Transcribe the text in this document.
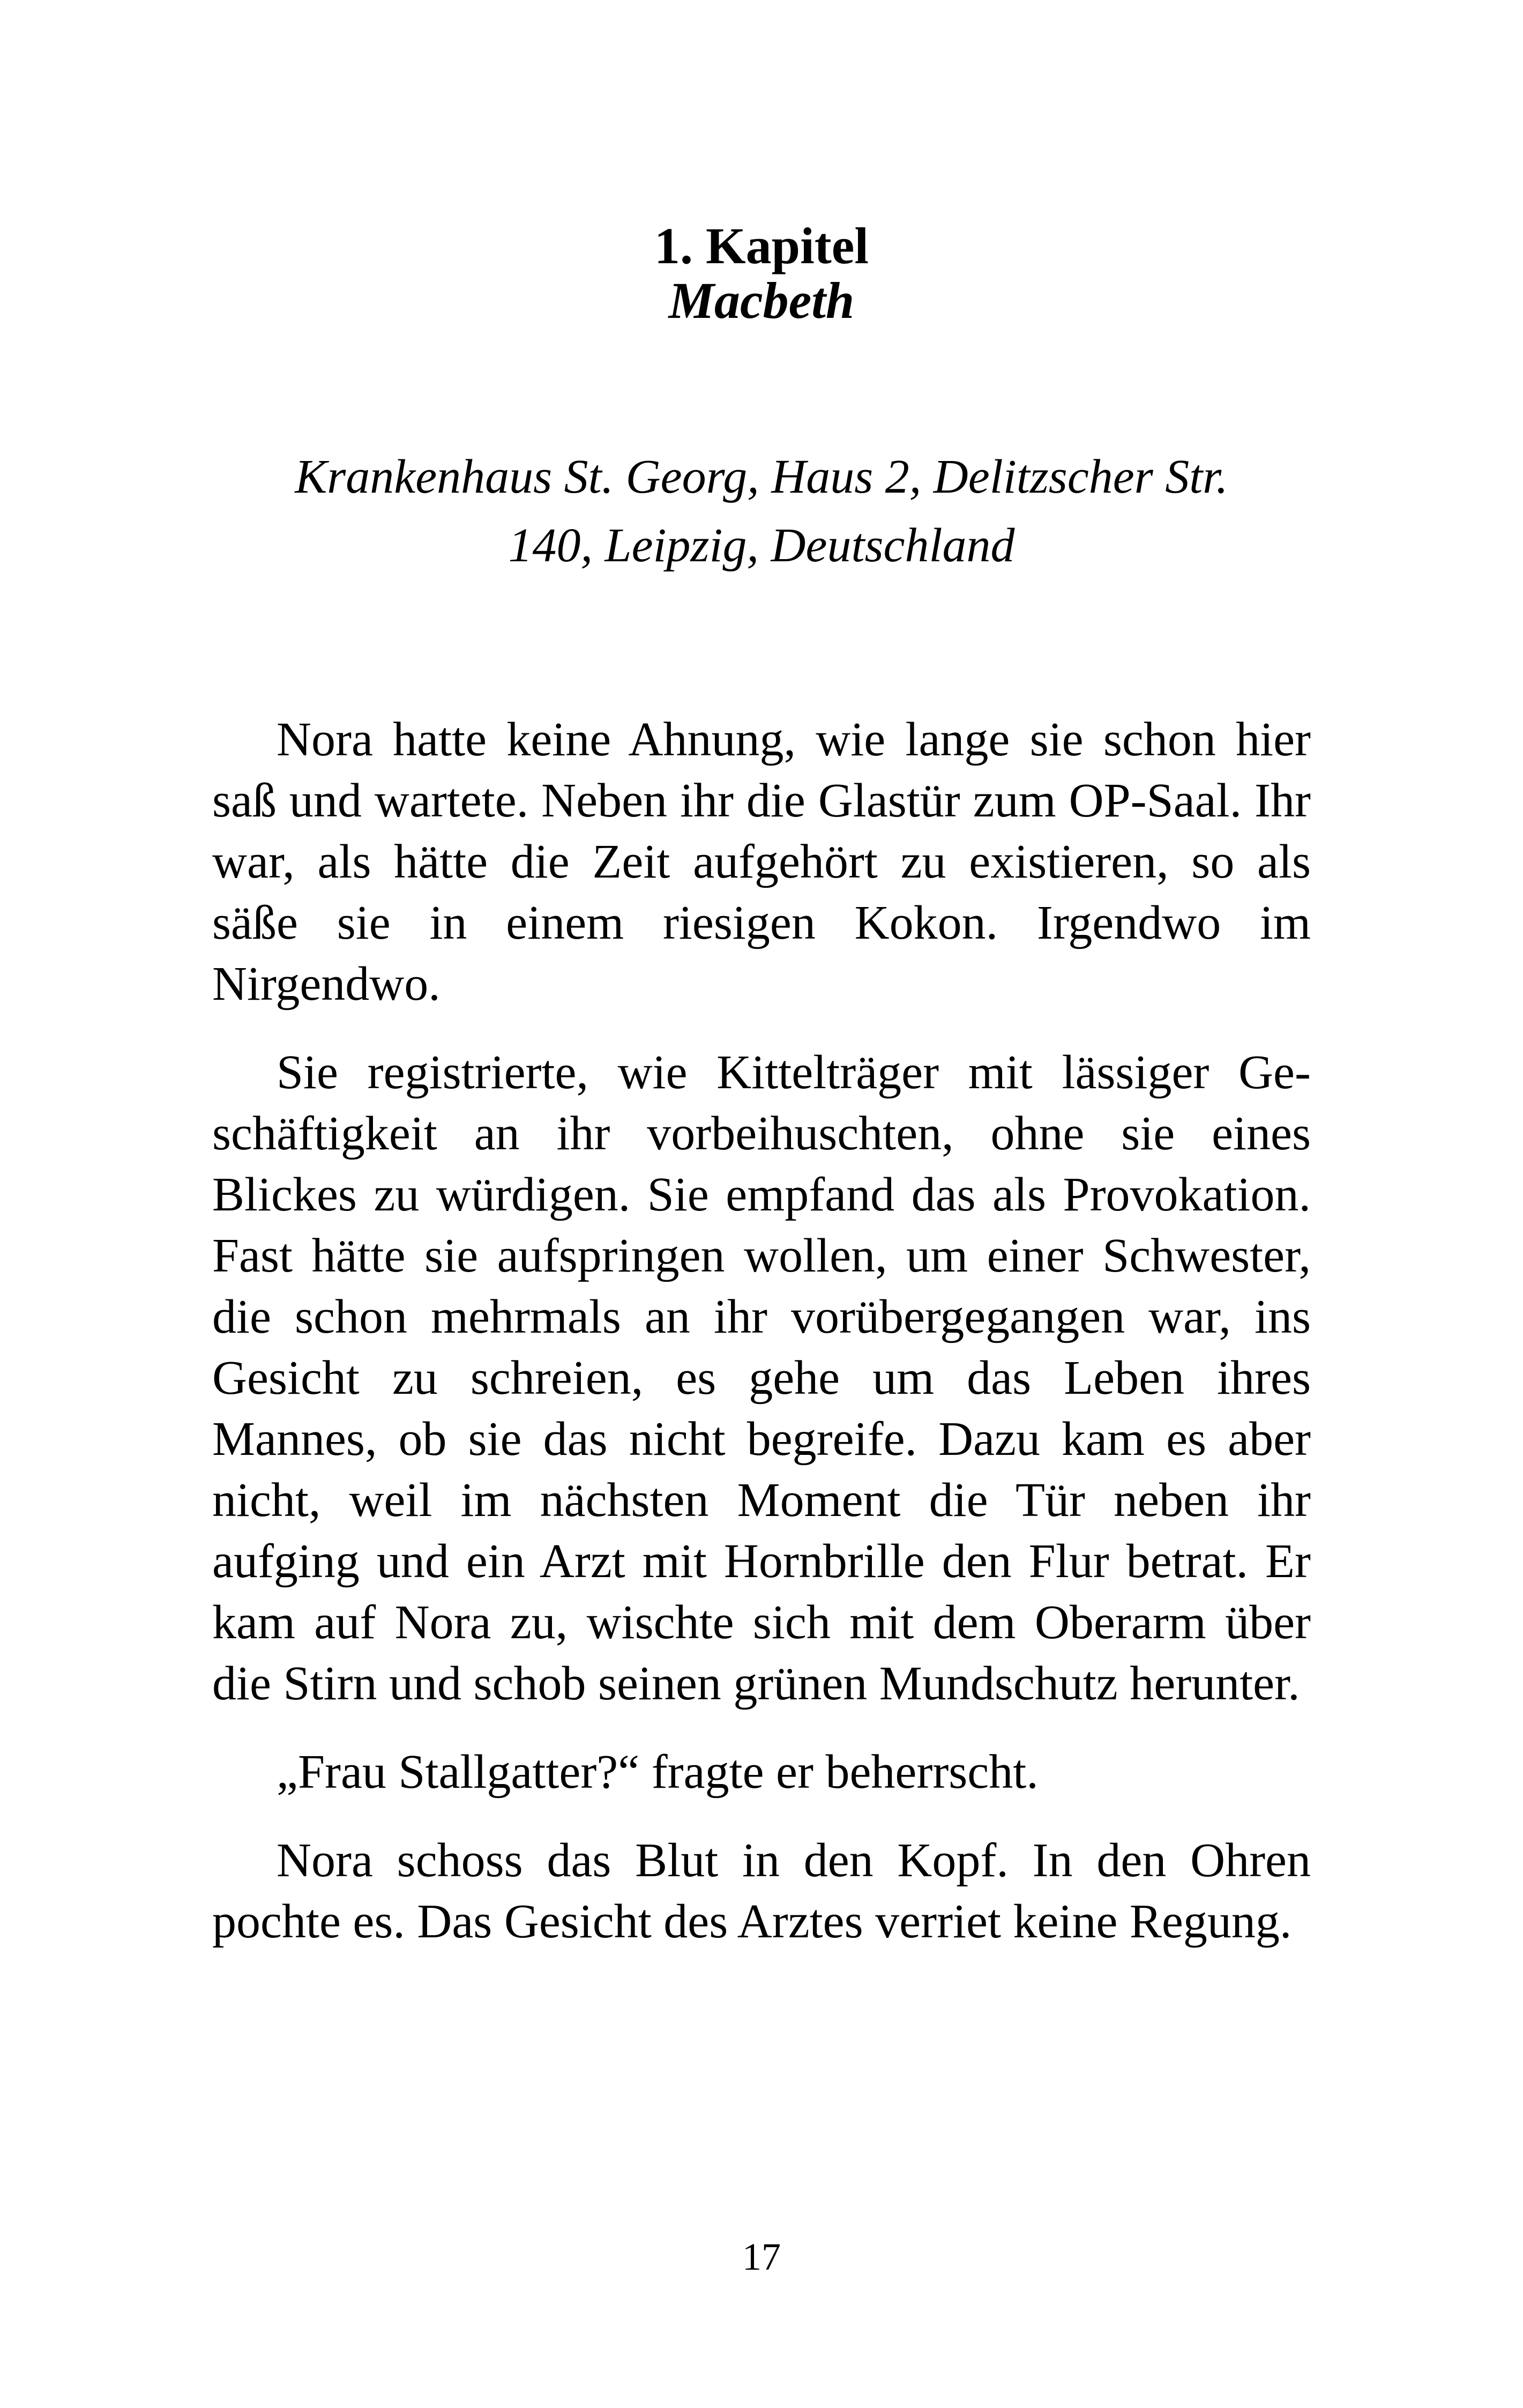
1. Kapitel
Macbeth
Krankenhaus St. Georg, Haus 2, Delitzscher Str.
140, Leipzig, Deutschland

Nora hatte keine Ahnung, wie lange sie schon hier saß und wartete. Neben ihr die Glastür zum OP-Saal. Ihr war, als hätte die Zeit aufgehört zu existieren, so als säße sie in einem riesigen Kokon. Irgendwo im Nirgendwo.

Sie registrierte, wie Kittelträger mit lässiger Geschäftigkeit an ihr vorbeihuschten, ohne sie eines Blickes zu würdigen. Sie empfand das als Provokation. Fast hätte sie aufspringen wollen, um einer Schwester, die schon mehrmals an ihr vorübergegangen war, ins Gesicht zu schreien, es gehe um das Leben ihres Mannes, ob sie das nicht begreife. Dazu kam es aber nicht, weil im nächsten Moment die Tür neben ihr aufging und ein Arzt mit Hornbrille den Flur betrat. Er kam auf Nora zu, wischte sich mit dem Oberarm über die Stirn und schob seinen grünen Mundschutz herunter.

„Frau Stallgatter?“ fragte er beherrscht.

Nora schoss das Blut in den Kopf. In den Ohren pochte es. Das Gesicht des Arztes verriet keine Regung.

17
